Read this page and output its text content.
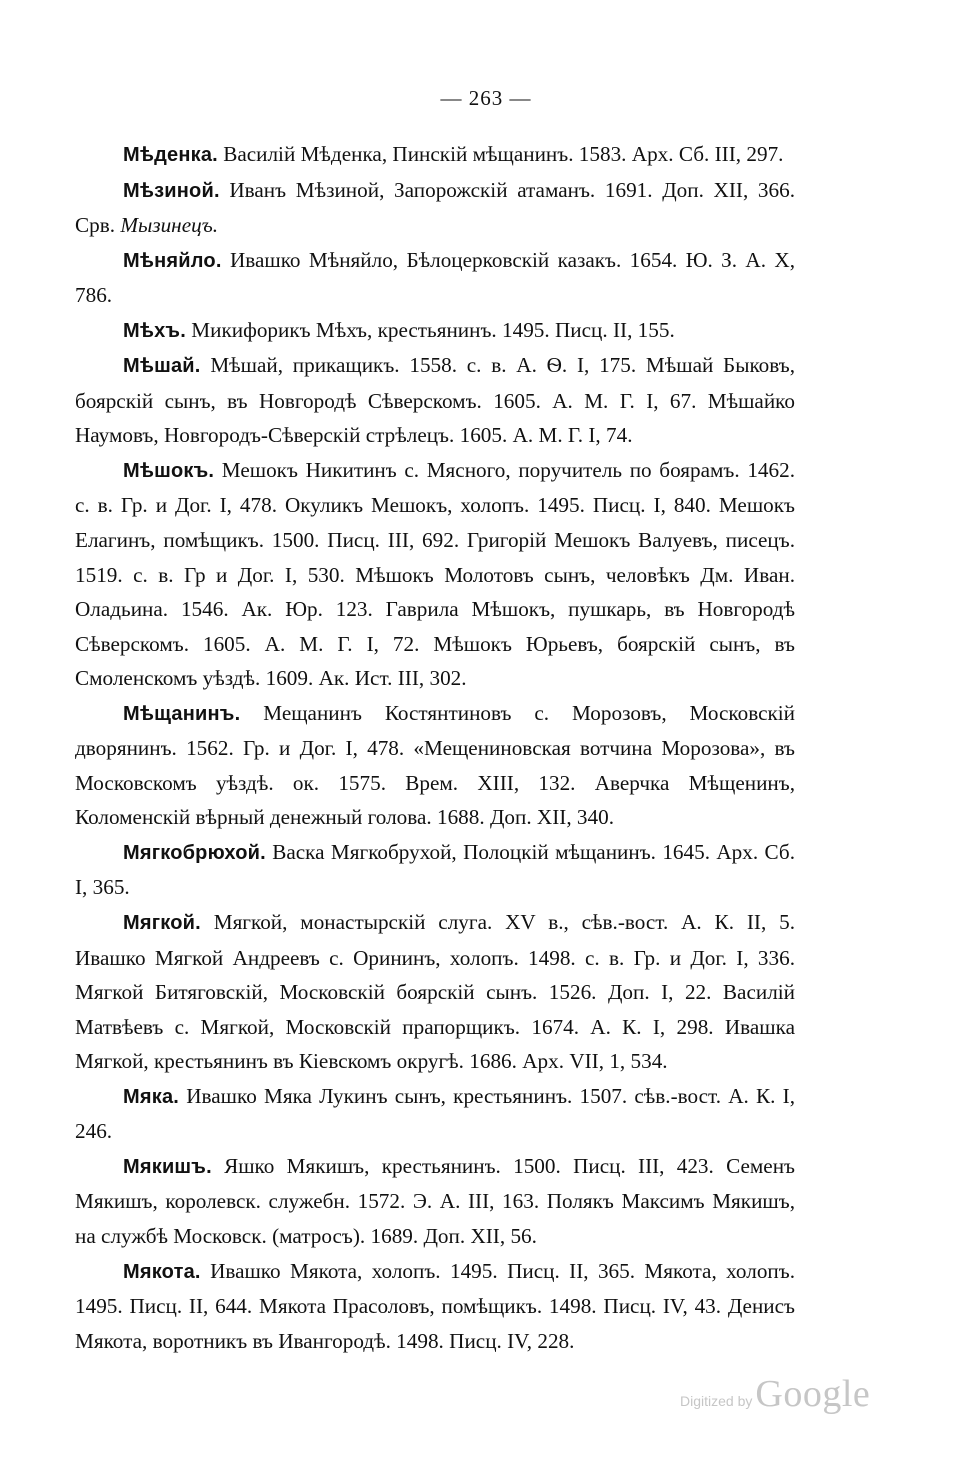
— 263 —

Мѣденка. Василiй Мѣденка, Пинскiй мѣщанинъ. 1583. Арх. Сб. III, 297.

Мѣзиной. Иванъ Мѣзиной, Запорожскiй атаманъ. 1691. Доп. XII, 366. Срв. Мызинецъ.

Мѣняйло. Ивашко Мѣняйло, Бѣлоцерковскiй казакъ. 1654. Ю. З. А. X, 786.

Мѣхъ. Микифорикъ Мѣхъ, крестьянинъ. 1495. Писц. II, 155.

Мѣшай. Мѣшай, прикащикъ. 1558. с. в. А. Ѳ. I, 175. Мѣшай Быковъ, боярскiй сынъ, въ Новгородѣ Сѣверскомъ. 1605. А. М. Г. I, 67. Мѣшайко Наумовъ, Новгородъ-Сѣверскiй стрѣлецъ. 1605. А. М. Г. I, 74.

Мѣшокъ. Мешокъ Никитинъ с. Мясного, поручитель по боярамъ. 1462. с. в. Гр. и Дог. I, 478. Окуликъ Мешокъ, холопъ. 1495. Писц. I, 840. Мешокъ Елагинъ, помѣщикъ. 1500. Писц. III, 692. Григорiй Мешокъ Валуевъ, писецъ. 1519. с. в. Гр и Дог. I, 530. Мѣшокъ Молотовъ сынъ, человѣкъ Дм. Иван. Оладьина. 1546. Ак. Юр. 123. Гаврила Мѣшокъ, пушкарь, въ Новгородѣ Сѣверскомъ. 1605. А. М. Г. I, 72. Мѣшокъ Юрьевъ, боярскiй сынъ, въ Смоленскомъ уѣздѣ. 1609. Ак. Ист. III, 302.

Мѣщанинъ. Мещанинъ Костянтиновъ с. Морозовъ, Московскiй дворянинъ. 1562. Гр. и Дог. I, 478. «Мещениновская вотчина Морозова», въ Московскомъ уѣздѣ. ок. 1575. Врем. XIII, 132. Аверчка Мѣщенинъ, Коломенскiй вѣрный денежный голова. 1688. Доп. XII, 340.

Мягкобрюхой. Васка Мягкобрухой, Полоцкiй мѣщанинъ. 1645. Арх. Сб. I, 365.

Мягкой. Мягкой, монастырскiй слуга. XV в., сѣв.-вост. А. К. II, 5. Ивашко Мягкой Андреевъ с. Орининъ, холопъ. 1498. с. в. Гр. и Дог. I, 336. Мягкой Битяговскiй, Московскiй боярскiй сынъ. 1526. Доп. I, 22. Василiй Матвѣевъ с. Мягкой, Московскiй прапорщикъ. 1674. А. К. I, 298. Ивашка Мягкой, крестьянинъ въ Кiевскомъ округѣ. 1686. Арх. VII, 1, 534.

Мяка. Ивашко Мяка Лукинъ сынъ, крестьянинъ. 1507. сѣв.-вост. А. К. I, 246.

Мякишъ. Яшко Мякишъ, крестьянинъ. 1500. Писц. III, 423. Семенъ Мякишъ, королевск. служебн. 1572. Э. А. III, 163. Полякъ Максимъ Мякишъ, на службѣ Московск. (матросъ). 1689. Доп. XII, 56.

Мякота. Ивашко Мякота, холопъ. 1495. Писц. II, 365. Мякота, холопъ. 1495. Писц. II, 644. Мякота Прасоловъ, помѣщикъ. 1498. Писц. IV, 43. Денисъ Мякота, воротникъ въ Ивангородѣ. 1498. Писц. IV, 228.

Digitized byGoogle
